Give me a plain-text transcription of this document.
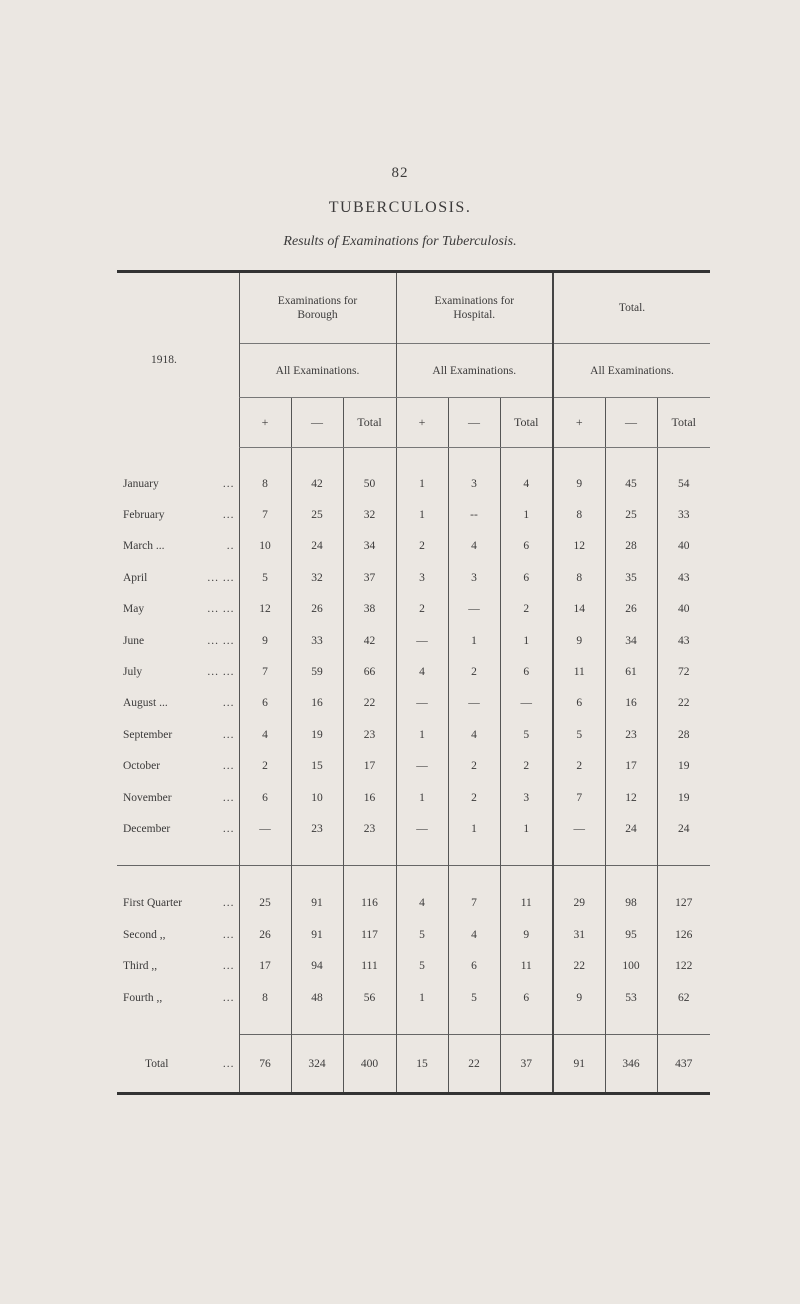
82
TUBERCULOSIS.
Results of Examinations for Tuberculosis.
1918.	Examinations for Borough			Examinations for Hospital.			Total.		
	All Examinations.			All Examinations.			All Examinations.		
	+	—	Total	+	—	Total	+	—	Total

January ...	8	42	50	1	3	4	9	45	54
February ...	7	25	32	1	--	1	8	25	33
March ... ..	10	24	34	2	4	6	12	28	40
April ... ...	5	32	37	3	3	6	8	35	43
May ... ...	12	26	38	2	—	2	14	26	40
June ... ...	9	33	42	—	1	1	9	34	43
July ... ...	7	59	66	4	2	6	11	61	72
August ... ...	6	16	22	—	—	—	6	16	22
September ...	4	19	23	1	4	5	5	23	28
October ...	2	15	17	—	2	2	2	17	19
November ...	6	10	16	1	2	3	7	12	19
December ...	—	23	23	—	1	1	—	24	24

First Quarter ...	25	91	116	4	7	11	29	98	127
Second ,, ...	26	91	117	5	4	9	31	95	126
Third ,, ...	17	94	111	5	6	11	22	100	122
Fourth ,, ...	8	48	56	1	5	6	9	53	62

Total ...	76	324	400	15	22	37	91	346	437
